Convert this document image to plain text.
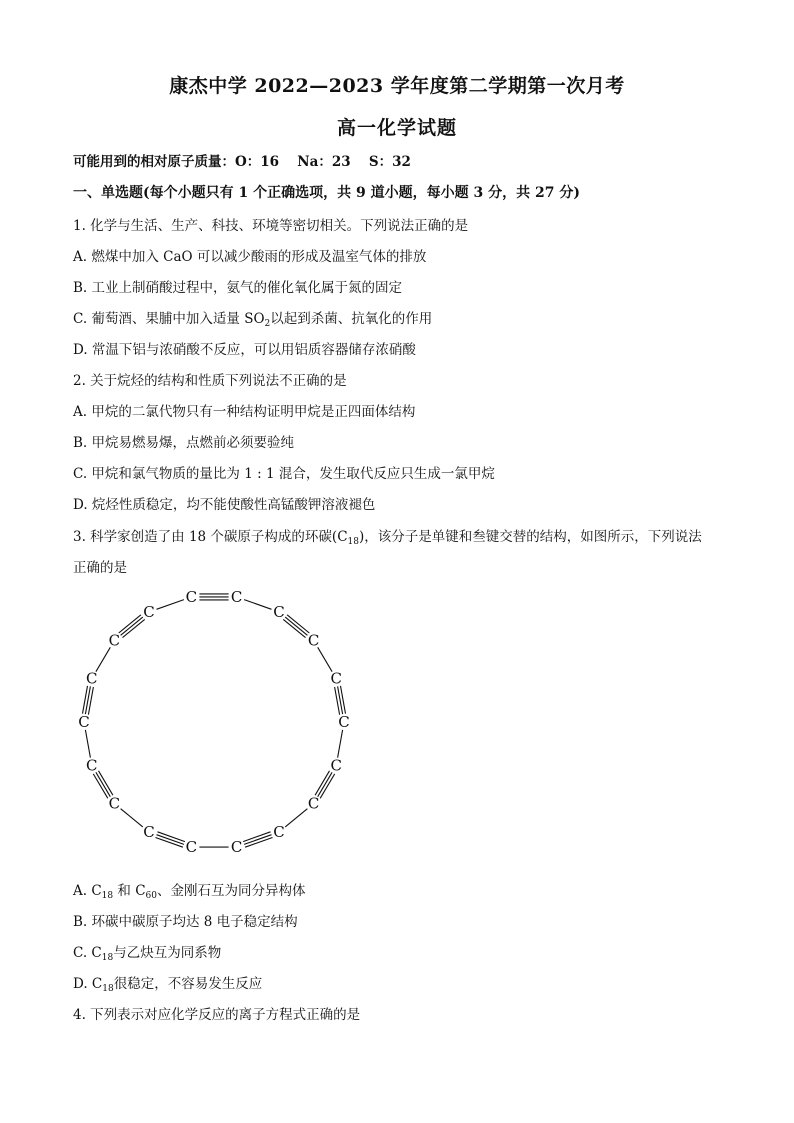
康杰中学 2022—2023 学年度第二学期第一次月考
高一化学试题
可能用到的相对原子质量：O：16　 Na：23　 S：32
一、单选题(每个小题只有 1 个正确选项，共 9 道小题，每小题 3 分，共 27 分)
1. 化学与生活、生产、科技、环境等密切相关。下列说法正确的是
A. 燃煤中加入 CaO 可以减少酸雨的形成及温室气体的排放
B. 工业上制硝酸过程中，氨气的催化氧化属于氮的固定
C. 葡萄酒、果脯中加入适量 $SO_2$以起到杀菌、抗氧化的作用
D. 常温下铝与浓硝酸不反应，可以用铝质容器储存浓硝酸
2. 关于烷烃的结构和性质下列说法不正确的是
A. 甲烷的二氯代物只有一种结构证明甲烷是正四面体结构
B. 甲烷易燃易爆，点燃前必须要验纯
C. 甲烷和氯气物质的量比为 1 : 1 混合，发生取代反应只生成一氯甲烷
D. 烷烃性质稳定，均不能使酸性高锰酸钾溶液褪色
3. 科学家创造了由 18 个碳原子构成的环碳$(C_{18})$，该分子是单键和叁键交替的结构，如图所示，下列说法
正确的是
C C
C
C
C
C
C
C
C
C
C
C
C
C
C
C
C
C
A. $C_{18}$ 和 $C_{60}$、金刚石互为同分异构体
B. 环碳中碳原子均达 8 电子稳定结构
C. $C_{18}$与乙炔互为同系物
D. $C_{18}$很稳定，不容易发生反应
4. 下列表示对应化学反应的离子方程式正确的是
